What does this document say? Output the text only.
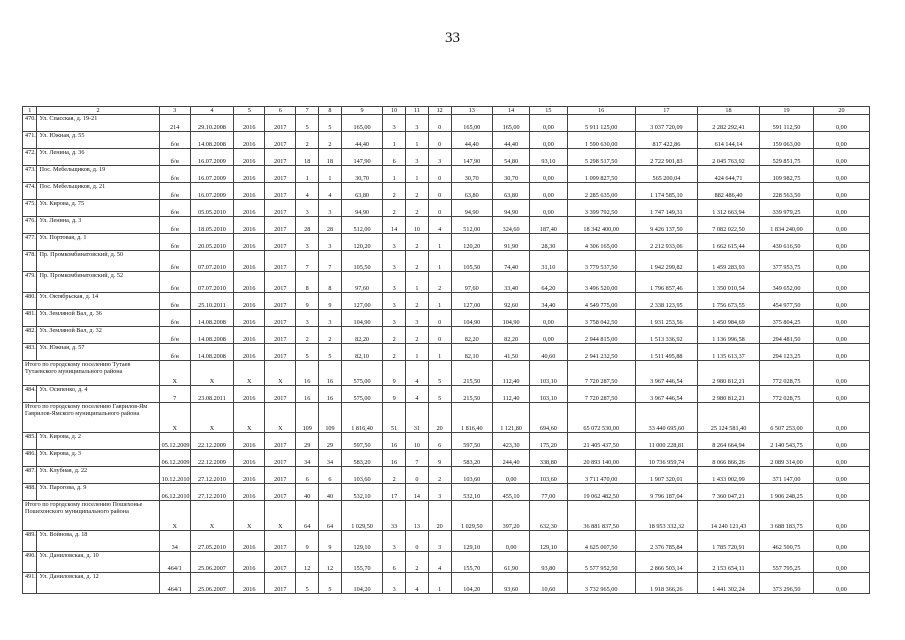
33
1	2	3	4	5	6	7	8	9	10	11	12	13	14	15	16	17	18	19	20
470.	Ул. Спасская, д. 19-21	214	29.10.2008	2016	2017	5	5	165,00	3	3	0	165,00	165,00	0,00	5 911 125,00	3 037 720,09	2 282 292,41	591 112,50	0,00
471.	Ул. Южная, д. 55	б/н	14.08.2008	2016	2017	2	2	44,40	1	1	0	44,40	44,40	0,00	1 590 630,00	817 422,86	614 144,14	159 063,00	0,00
472.	Ул. Ленина, д. 36	б/н	16.07.2009	2016	2017	18	18	147,90	6	3	3	147,90	54,80	93,10	5 298 517,50	2 722 901,83	2 045 763,92	529 851,75	0,00
473.	Пос. Мебельщиков, д. 19	б/н	16.07.2009	2016	2017	1	1	30,70	1	1	0	30,70	30,70	0,00	1 099 827,50	565 200,04	424 644,71	109 982,75	0,00
474.	Пос. Мебельщиков, д. 21	б/н	16.07.2009	2016	2017	4	4	63,80	2	2	0	63,80	63,80	0,00	2 285 635,00	1 174 585,10	882 486,40	228 563,50	0,00
475.	Ул. Кирова, д. 75	б/н	05.05.2010	2016	2017	3	3	94,90	2	2	0	94,90	94,90	0,00	3 399 792,50	1 747 149,31	1 312 663,94	339 979,25	0,00
476.	Ул. Ленина, д. 3	б/н	18.05.2010	2016	2017	28	28	512,00	14	10	4	512,00	324,60	187,40	18 342 400,00	9 426 137,50	7 082 022,50	1 834 240,00	0,00
477.	Ул. Портовая, д. 1	б/н	20.05.2010	2016	2017	3	3	120,20	3	2	1	120,20	91,90	28,30	4 306 165,00	2 212 933,06	1 662 615,44	430 616,50	0,00
478.	Пр. Промкомбинатовский, д. 50	б/н	07.07.2010	2016	2017	7	7	105,50	3	2	1	105,50	74,40	31,10	3 779 537,50	1 942 299,82	1 459 283,93	377 953,75	0,00
479.	Пр. Промкомбинатовский, д. 52	б/н	07.07.2010	2016	2017	8	8	97,60	3	1	2	97,60	33,40	64,20	3 496 520,00	1 796 857,46	1 350 010,54	349 652,00	0,00
480.	Ул. Октябрьская, д. 14	б/н	25.10.2011	2016	2017	9	9	127,00	3	2	1	127,00	92,60	34,40	4 549 775,00	2 338 123,95	1 756 673,55	454 977,50	0,00
481.	Ул. Земляной Вал, д. 36	б/н	14.08.2008	2016	2017	3	3	104,90	3	3	0	104,90	104,90	0,00	3 758 042,50	1 931 253,56	1 450 984,69	375 804,25	0,00
482.	Ул. Земляной Вал, д. 32	б/н	14.08.2008	2016	2017	2	2	82,20	2	2	0	82,20	82,20	0,00	2 944 815,00	1 513 336,92	1 136 996,58	294 481,50	0,00
483.	Ул. Южная, д. 57	б/н	14.08.2008	2016	2017	5	5	82,10	2	1	1	82,10	41,50	40,60	2 941 232,50	1 511 495,88	1 135 613,37	294 123,25	0,00
Итого по городскому поселению Тутаев Тутаевского муниципального района		X	X	X	X	16	16	575,00	9	4	5	215,50	112,40	103,10	7 720 287,50	3 967 446,54	2 980 812,21	772 028,75	0,00
484.	Ул. Осипенко, д. 4	7	23.08.2011	2016	2017	16	16	575,00	9	4	5	215,50	112,40	103,10	7 720 287,50	3 967 446,54	2 980 812,21	772 028,75	0,00
Итого по городскому поселению Гаврилов-Ям Гаврилов-Ямского муниципального района		X	X	X	X	109	109	1 816,40	51	31	20	1 816,40	1 121,80	694,60	65 072 530,00	33 440 695,60	25 124 581,40	6 507 253,00	0,00
485.	Ул. Кирова, д. 2	05.12.2009	22.12.2009	2016	2017	29	29	597,50	16	10	6	597,50	423,30	175,20	21 405 437,50	11 000 228,81	8 264 664,94	2 140 543,75	0,00
486.	Ул. Кирова, д. 3	06.12.2009	22.12.2009	2016	2017	34	34	583,20	16	7	9	583,20	244,40	338,80	20 893 140,00	10 736 959,74	8 066 866,26	2 089 314,00	0,00
487.	Ул. Клубная, д. 22	10.12.2010	27.12.2010	2016	2017	6	6	103,60	2	0	2	103,60	0,00	103,60	3 711 470,00	1 907 320,01	1 433 002,99	371 147,00	0,00
488.	Ул. Пароговa, д. 9	06.12.2010	27.12.2010	2016	2017	40	40	532,10	17	14	3	532,10	455,10	77,00	19 062 482,50	9 796 187,04	7 360 047,21	1 906 248,25	0,00
Итого по городскому поселению Пошехонье Пошехонского муниципального района		X	X	X	X	64	64	1 029,50	33	13	20	1 029,50	397,20	632,30	36 881 837,50	18 953 332,32	14 240 121,43	3 688 183,75	0,00
489.	Ул. Войнова, д. 18	34	27.05.2010	2016	2017	9	9	129,10	3	0	3	129,10	0,00	129,10	4 625 007,50	2 376 785,84	1 785 720,91	462 500,75	0,00
490.	Ул. Даниловская, д. 10	464/1	25.06.2007	2016	2017	12	12	155,70	6	2	4	155,70	61,90	93,80	5 577 952,50	2 866 503,14	2 153 654,11	557 795,25	0,00
491.	Ул. Даниловская, д. 12	464/1	25.06.2007	2016	2017	5	5	104,20	3	4	1	104,20	93,60	10,60	3 732 965,00	1 918 366,26	1 441 302,24	373 296,50	0,00
